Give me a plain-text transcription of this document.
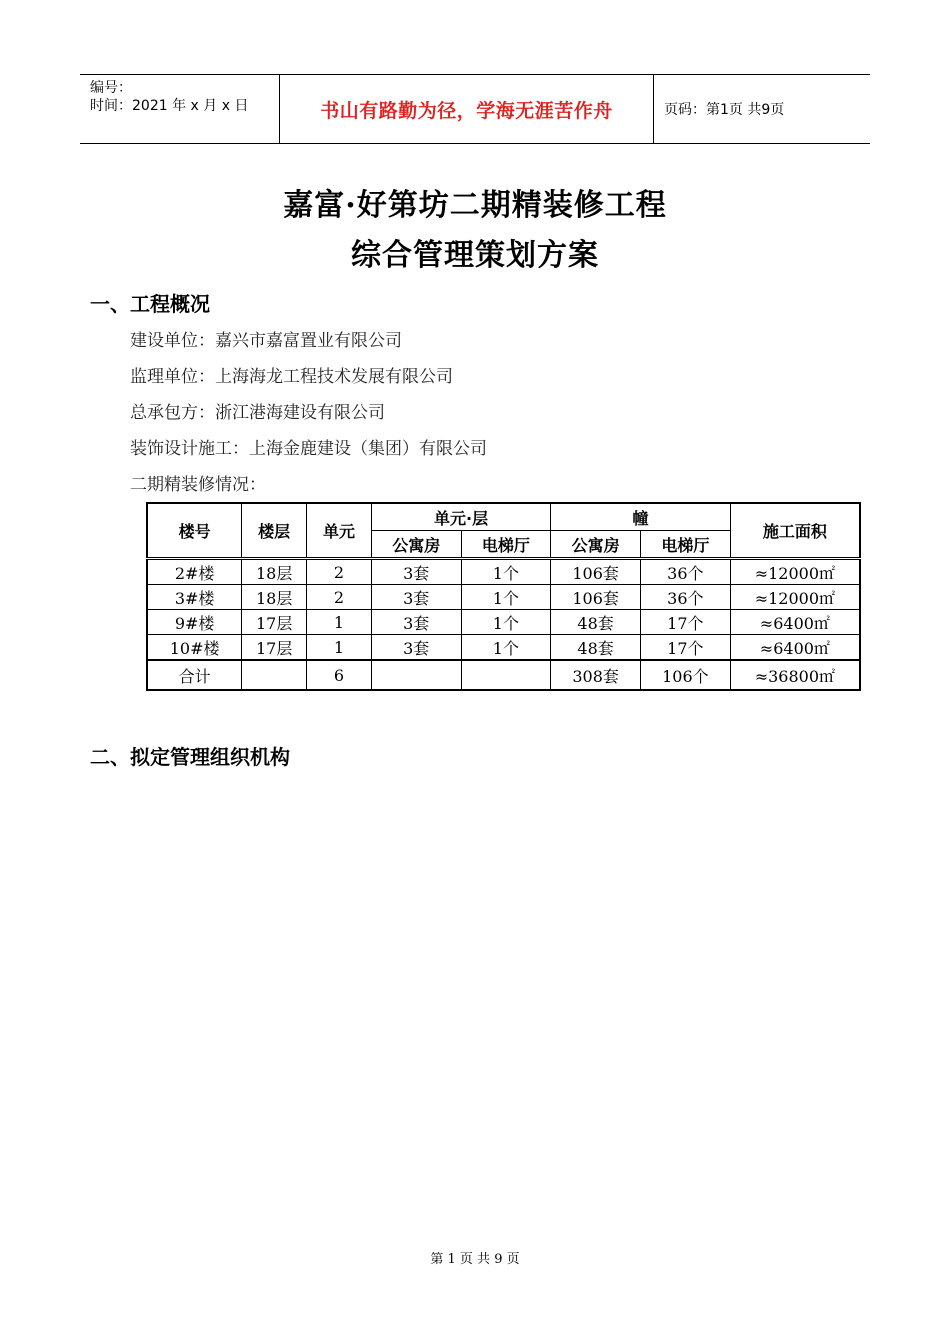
编号：
时间：2021 年 x 月 x 日	书山有路勤为径，学海无涯苦作舟	页码：第1页 共9页
嘉富·好第坊二期精装修工程
综合管理策划方案
一、工程概况
建设单位：嘉兴市嘉富置业有限公司
监理单位：上海海龙工程技术发展有限公司
总承包方：浙江港海建设有限公司
装饰设计施工：上海金鹿建设（集团）有限公司
二期精装修情况：
楼号	楼层	单元	单元·层		幢		施工面积
			公寓房	电梯厅	公寓房	电梯厅	
2#楼	18层	2	3套	1个	106套	36个	≈12000㎡
3#楼	18层	2	3套	1个	106套	36个	≈12000㎡
9#楼	17层	1	3套	1个	48套	17个	≈6400㎡
10#楼	17层	1	3套	1个	48套	17个	≈6400㎡
合计		6			308套	106个	≈36800㎡
二、拟定管理组织机构
第 1 页 共 9 页
